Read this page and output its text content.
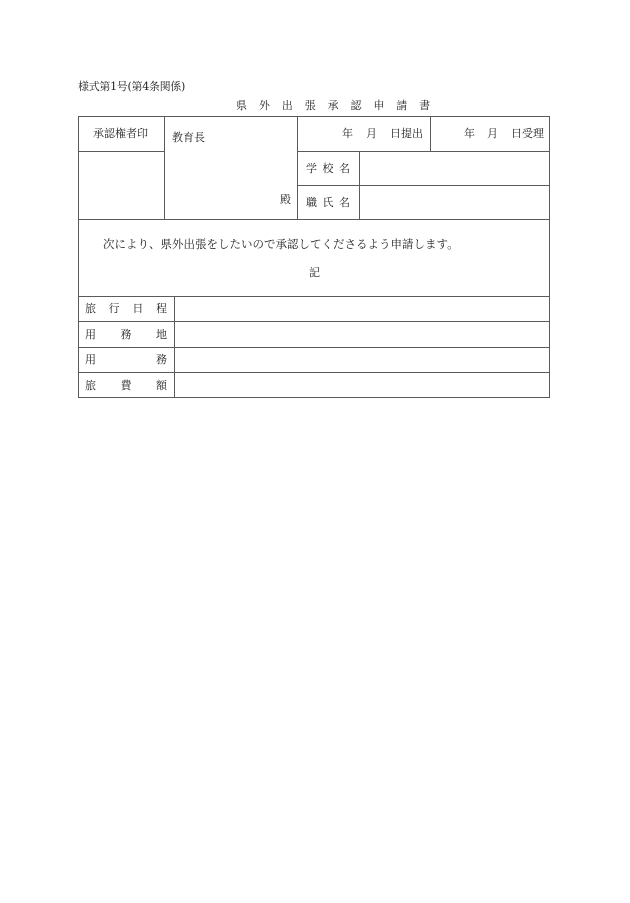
様式第1号(第4条関係)
県 外 出 張 承 認 申 請 書
承認権者印 教育長
殿
年 月 日提出	年 月 日受理
学 校 名
職 氏 名
次により、県外出張をしたいので承認してくださるよう申請します。
記
旅 行 日 程
用 務 地
用	務
旅 費 額
